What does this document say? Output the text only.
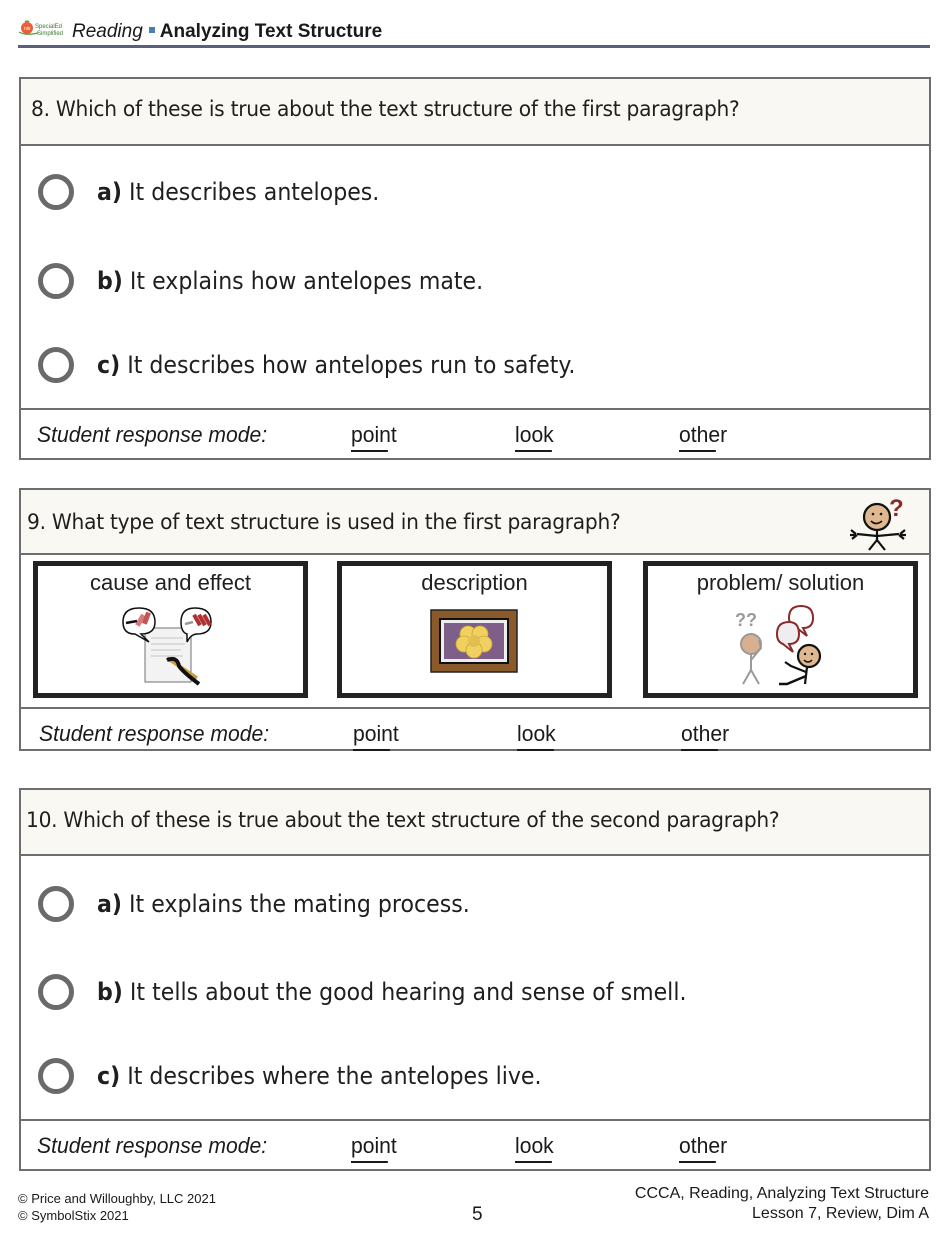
nis SpecialEd
Simplified Reading Analyzing Text Structure
8. Which of these is true about the text structure of the first paragraph?
a) It describes antelopes.
b) It explains how antelopes mate.
c) It describes how antelopes run to safety.
Student response mode:	point	look	other
9. What type of text structure is used in the first paragraph?
?
cause and effect	description	problem/ solution
??
Student response mode:	point	look	other
10. Which of these is true about the text structure of the second paragraph?
a) It explains the mating process.
b) It tells about the good hearing and sense of smell.
c) It describes where the antelopes live.
Student response mode:	point	look	other
© Price and Willoughby, LLC 2021
© SymbolStix 2021	5
CCCA, Reading, Analyzing Text Structure
Lesson 7, Review, Dim A
